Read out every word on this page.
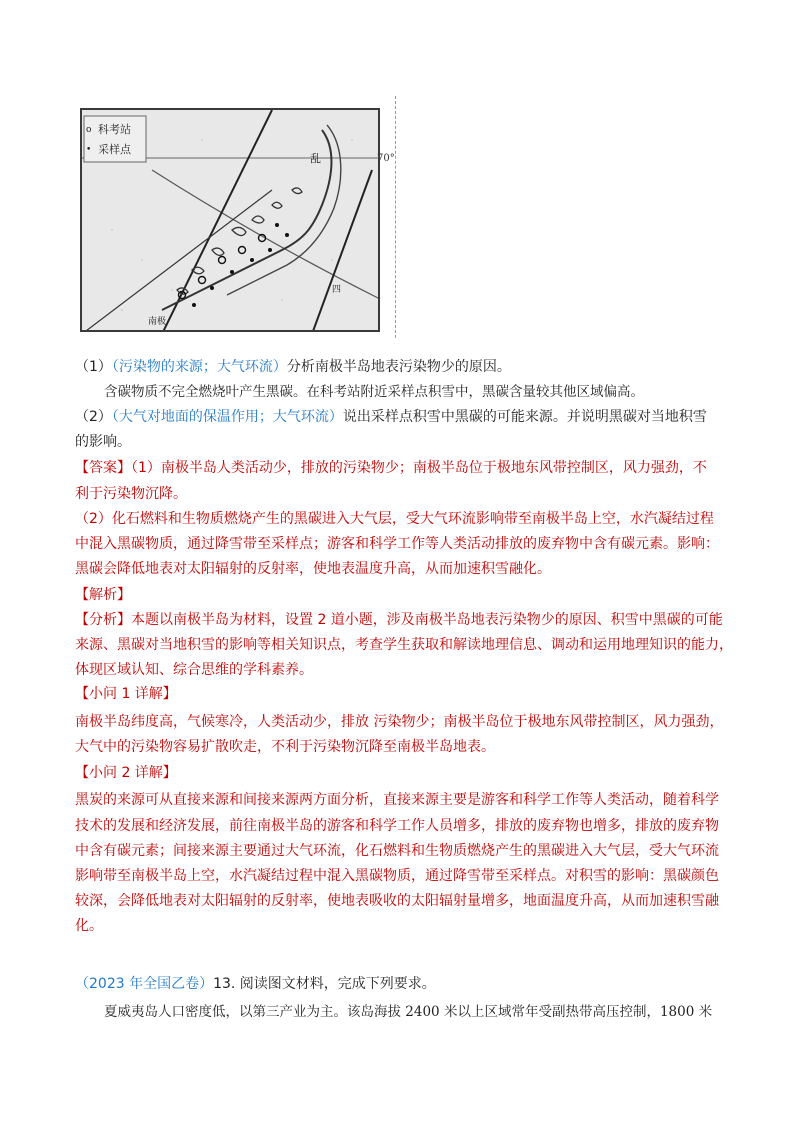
o 科考站
• 采样点
乱
南极
四
70°
（1）（污染物的来源；大气环流）分析南极半岛地表污染物少的原因。
含碳物质不完全燃烧叶产生黑碳。在科考站附近采样点积雪中，黑碳含量较其他区域偏高。
（2）（大气对地面的保温作用；大气环流）说出采样点积雪中黑碳的可能来源。并说明黑碳对当地积雪
的影响。
【答案】（1）南极半岛人类活动少，排放的污染物少；南极半岛位于极地东风带控制区，风力强劲，不
利于污染物沉降。
（2）化石燃料和生物质燃烧产生的黑碳进入大气层，受大气环流影响带至南极半岛上空，水汽凝结过程
中混入黑碳物质，通过降雪带至采样点；游客和科学工作等人类活动排放的废弃物中含有碳元素。影响：
黑碳会降低地表对太阳辐射的反射率，使地表温度升高，从而加速积雪融化。
【解析】
【分析】本题以南极半岛为材料，设置 2 道小题，涉及南极半岛地表污染物少的原因、积雪中黑碳的可能
来源、黑碳对当地积雪的影响等相关知识点，考查学生获取和解读地理信息、调动和运用地理知识的能力，
体现区域认知、综合思维的学科素养。
【小问 1 详解】
南极半岛纬度高，气候寒冷，人类活动少，排放 污染物少；南极半岛位于极地东风带控制区，风力强劲，
大气中的污染物容易扩散吹走，不利于污染物沉降至南极半岛地表。
【小问 2 详解】
黑炭的来源可从直接来源和间接来源两方面分析，直接来源主要是游客和科学工作等人类活动，随着科学
技术的发展和经济发展，前往南极半岛的游客和科学工作人员增多，排放的废弃物也增多，排放的废弃物
中含有碳元素；间接来源主要通过大气环流，化石燃料和生物质燃烧产生的黑碳进入大气层，受大气环流
影响带至南极半岛上空，水汽凝结过程中混入黑碳物质，通过降雪带至采样点。对积雪的影响：黑碳颜色
较深，会降低地表对太阳辐射的反射率，使地表吸收的太阳辐射量增多，地面温度升高，从而加速积雪融
化。
（2023 年全国乙卷）13. 阅读图文材料，完成下列要求。
夏威夷岛人口密度低，以第三产业为主。该岛海拔 2400 米以上区域常年受副热带高压控制，1800 米
